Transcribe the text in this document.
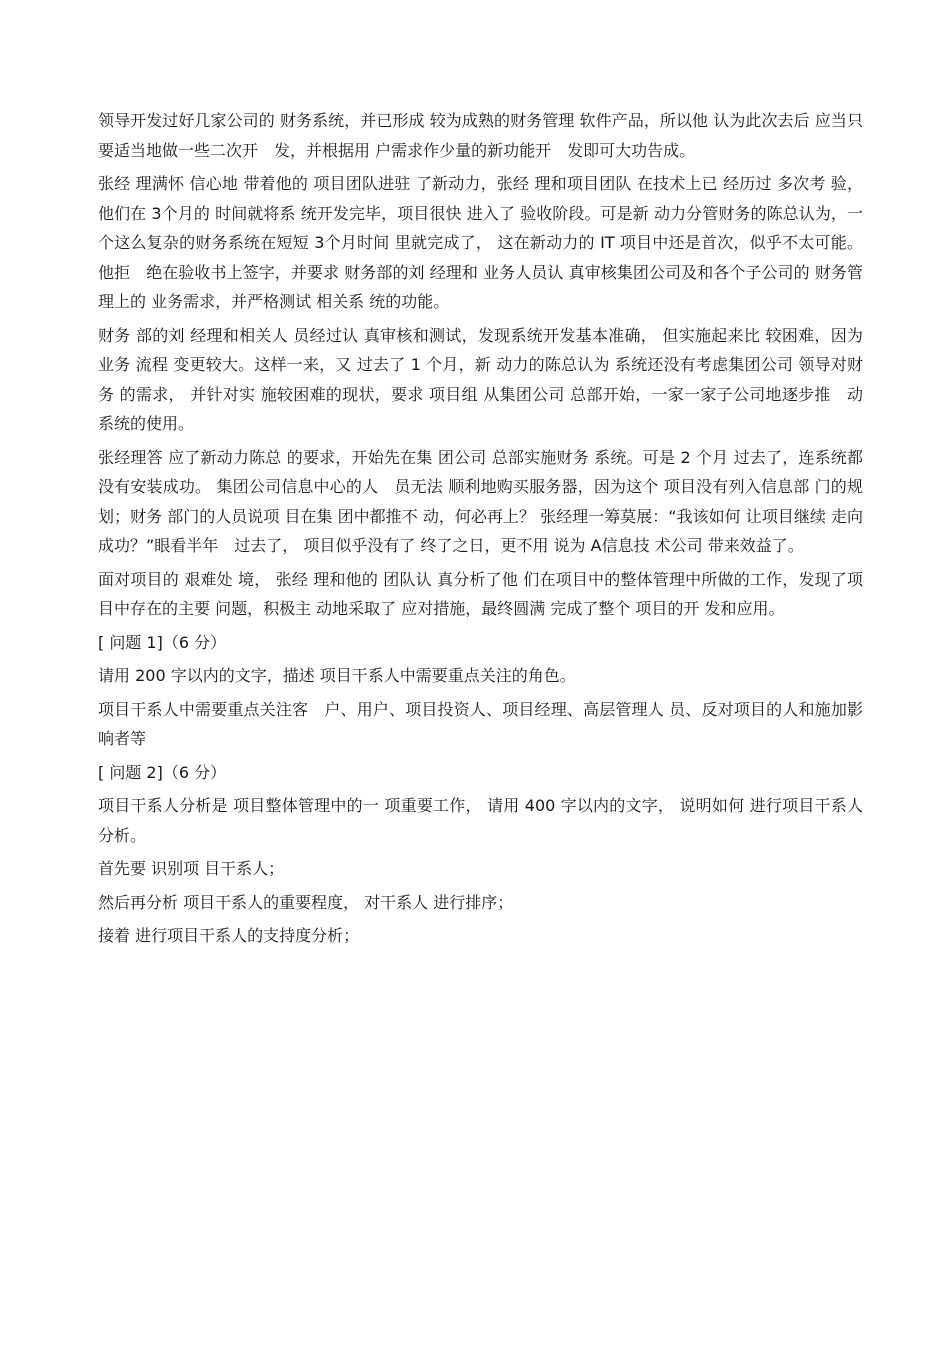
领导开发过好几家公司的 财务系统，并已形成 较为成熟的财务管理 软件产品，所以他 认为此次去后 应当只要适当地做一些二次开　发，并根据用 户需求作少量的新功能开　发即可大功告成。

张经 理满怀 信心地 带着他的 项目团队进驻 了新动力，张经 理和项目团队 在技术上已 经历过 多次考 验，他们在 3个月的 时间就将系 统开发完毕，项目很快 进入了 验收阶段。可是新 动力分管财务的陈总认为，一个这么复杂的财务系统在短短 3个月时间 里就完成了， 这在新动力的 IT 项目中还是首次，似乎不太可能。他拒　绝在验收书上签字，并要求 财务部的刘 经理和 业务人员认 真审核集团公司及和各个子公司的 财务管理上的 业务需求，并严格测试 相关系 统的功能。

财务 部的刘 经理和相关人 员经过认 真审核和测试，发现系统开发基本准确， 但实施起来比 较困难，因为业务 流程 变更较大。这样一来，又 过去了 1 个月，新 动力的陈总认为 系统还没有考虑集团公司 领导对财务 的需求， 并针对实 施较困难的现状，要求 项目组 从集团公司 总部开始，一家一家子公司地逐步推　动系统的使用。

张经理答 应了新动力陈总 的要求，开始先在集 团公司 总部实施财务 系统。可是 2 个月 过去了，连系统都没有安装成功。 集团公司信息中心的人　员无法 顺利地购买服务器，因为这个 项目没有列入信息部 门的规划；财务 部门的人员说项 目在集 团中都推不 动，何必再上？ 张经理一筹莫展：“我该如何 让项目继续 走向成功？”眼看半年　过去了， 项目似乎没有了 终了之日，更不用 说为 A信息技 术公司 带来效益了。

面对项目的 艰难处 境， 张经 理和他的 团队认 真分析了他 们在项目中的整体管理中所做的工作，发现了项目中存在的主要 问题，积极主 动地采取了 应对措施，最终圆满 完成了整个 项目的开 发和应用。

[ 问题 1]（6 分）

请用 200 字以内的文字，描述 项目干系人中需要重点关注的角色。

项目干系人中需要重点关注客　户、用户、项目投资人、项目经理、高层管理人 员、反对项目的人和施加影响者等

[ 问题 2]（6 分）

项目干系人分析是 项目整体管理中的一 项重要工作， 请用 400 字以内的文字， 说明如何 进行项目干系人分析。

首先要 识别项 目干系人；

然后再分析 项目干系人的重要程度， 对干系人 进行排序；

接着 进行项目干系人的支持度分析；
